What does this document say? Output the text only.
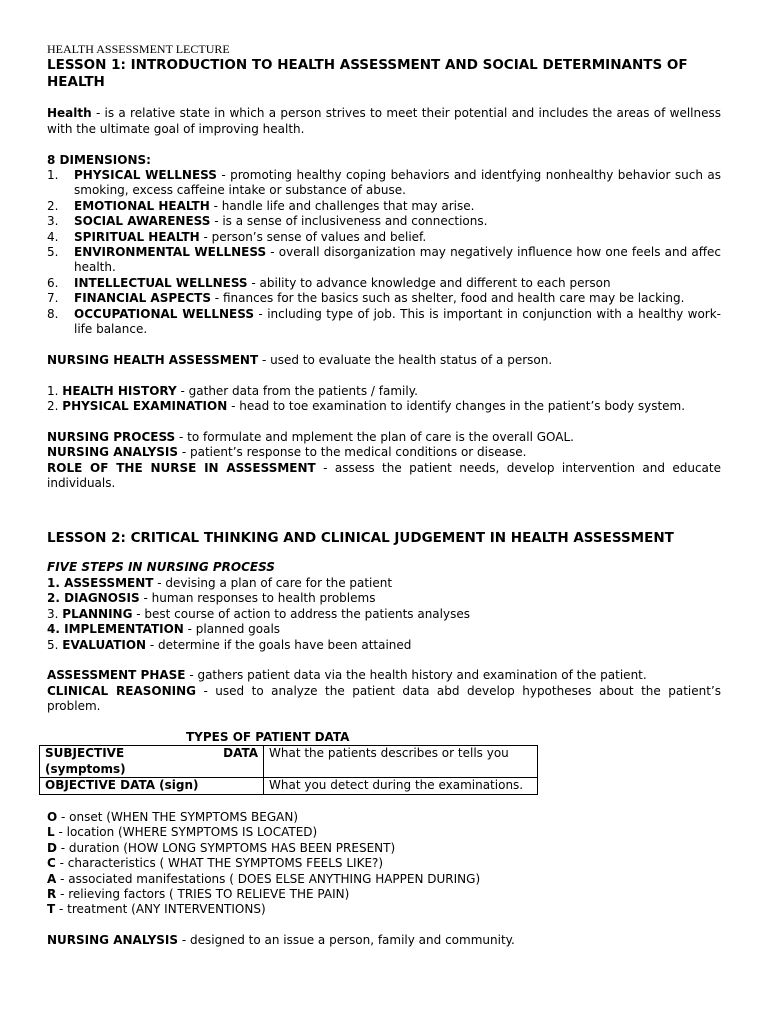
HEALTH ASSESSMENT LECTURE
LESSON 1: INTRODUCTION TO HEALTH ASSESSMENT AND SOCIAL DETERMINANTS OF HEALTH

Health - is a relative state in which a person strives to meet their potential and includes the areas of wellness with the ultimate goal of improving health.

8 DIMENSIONS:
1. PHYSICAL WELLNESS - promoting healthy coping behaviors and identfying nonhealthy behavior such as smoking, excess caffeine intake or substance of abuse.
2. EMOTIONAL HEALTH - handle life and challenges that may arise.
3. SOCIAL AWARENESS - is a sense of inclusiveness and connections.
4. SPIRITUAL HEALTH - person’s sense of values and belief.
5. ENVIRONMENTAL WELLNESS - overall disorganization may negatively influence how one feels and affec health.
6. INTELLECTUAL WELLNESS - ability to advance knowledge and different to each person
7. FINANCIAL ASPECTS - finances for the basics such as shelter, food and health care may be lacking.
8. OCCUPATIONAL WELLNESS - including type of job. This is important in conjunction with a healthy work-life balance.

NURSING HEALTH ASSESSMENT - used to evaluate the health status of a person.

1. HEALTH HISTORY - gather data from the patients / family.
2. PHYSICAL EXAMINATION - head to toe examination to identify changes in the patient’s body system.

NURSING PROCESS - to formulate and mplement the plan of care is the overall GOAL.

NURSING ANALYSIS - patient’s response to the medical conditions or disease.

ROLE OF THE NURSE IN ASSESSMENT - assess the patient needs, develop intervention and educate individuals.

LESSON 2: CRITICAL THINKING AND CLINICAL JUDGEMENT IN HEALTH ASSESSMENT
FIVE STEPS IN NURSING PROCESS
1. ASSESSMENT - devising a plan of care for the patient
2. DIAGNOSIS - human responses to health problems
3. PLANNING - best course of action to address the patients analyses
4. IMPLEMENTATION - planned goals
5. EVALUATION - determine if the goals have been attained

ASSESSMENT PHASE - gathers patient data via the health history and examination of the patient.

CLINICAL REASONING - used to analyze the patient data abd develop hypotheses about the patient’s problem.

TYPES OF PATIENT DATA
SUBJECTIVE DATA
(symptoms)	What the patients describes or tells you
OBJECTIVE DATA (sign)	What you detect during the examinations.
O - onset (WHEN THE SYMPTOMS BEGAN)
L - location (WHERE SYMPTOMS IS LOCATED)
D - duration (HOW LONG SYMPTOMS HAS BEEN PRESENT)
C - characteristics ( WHAT THE SYMPTOMS FEELS LIKE?)
A - associated manifestations ( DOES ELSE ANYTHING HAPPEN DURING)
R - relieving factors ( TRIES TO RELIEVE THE PAIN)
T - treatment (ANY INTERVENTIONS)

NURSING ANALYSIS - designed to an issue a person, family and community.
